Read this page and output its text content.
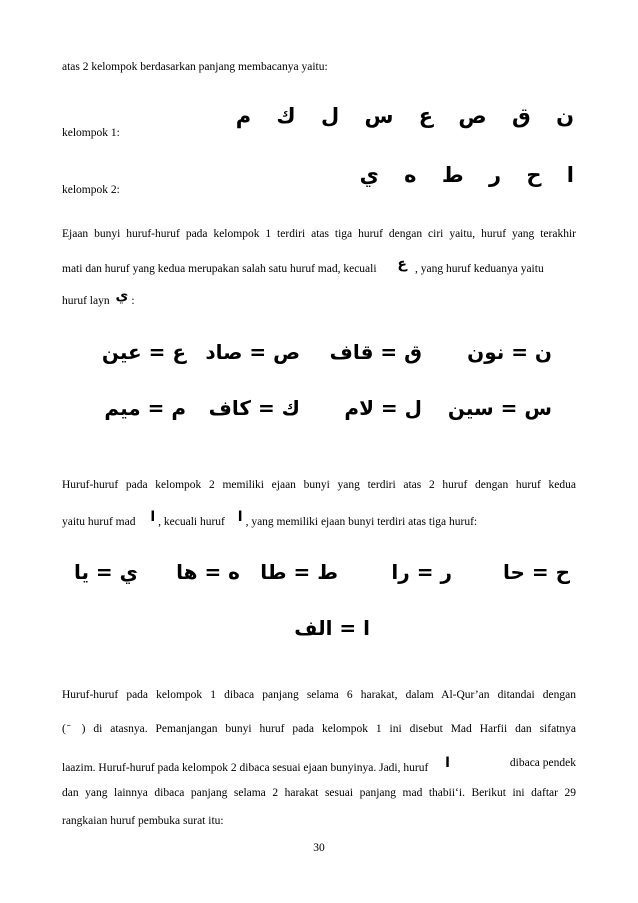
atas 2 kelompok berdasarkan panjang membacanya yaitu:
kelompok 1:
ن ق ص ع س ل ك م
kelompok 2:
ا ح ر ط ه ي
Ejaan bunyi huruf-huruf pada kelompok 1 terdiri atas tiga huruf dengan ciri yaitu, huruf yang terakhir
mati dan huruf yang kedua merupakan salah satu huruf mad, kecuali ع , yang huruf keduanya yaitu
huruf layn ي :
ن = نون
ق = قاف
ص = صاد
ع = عين
س = سين
ل = لام
ك = كاف
م = ميم
Huruf-huruf pada kelompok 2 memiliki ejaan bunyi yang terdiri atas 2 huruf dengan huruf kedua
yaitu huruf mad ا , kecuali huruf ا , yang memiliki ejaan bunyi terdiri atas tiga huruf:
ح = حا
ر = را
ط = طا
ه = ها
ي = يا
ا = الف
Huruf-huruf pada kelompok 1 dibaca panjang selama 6 harakat, dalam Al-Qur’an ditandai dengan
( ̄ ) di atasnya. Pemanjangan bunyi huruf pada kelompok 1 ini disebut Mad Harfii dan sifatnya
laazim. Huruf-huruf pada kelompok 2 dibaca sesuai ejaan bunyinya. Jadi, huruf ا	dibaca pendek
dan yang lainnya dibaca panjang selama 2 harakat sesuai panjang mad thabii‘i. Berikut ini daftar 29
rangkaian huruf pembuka surat itu:
30
